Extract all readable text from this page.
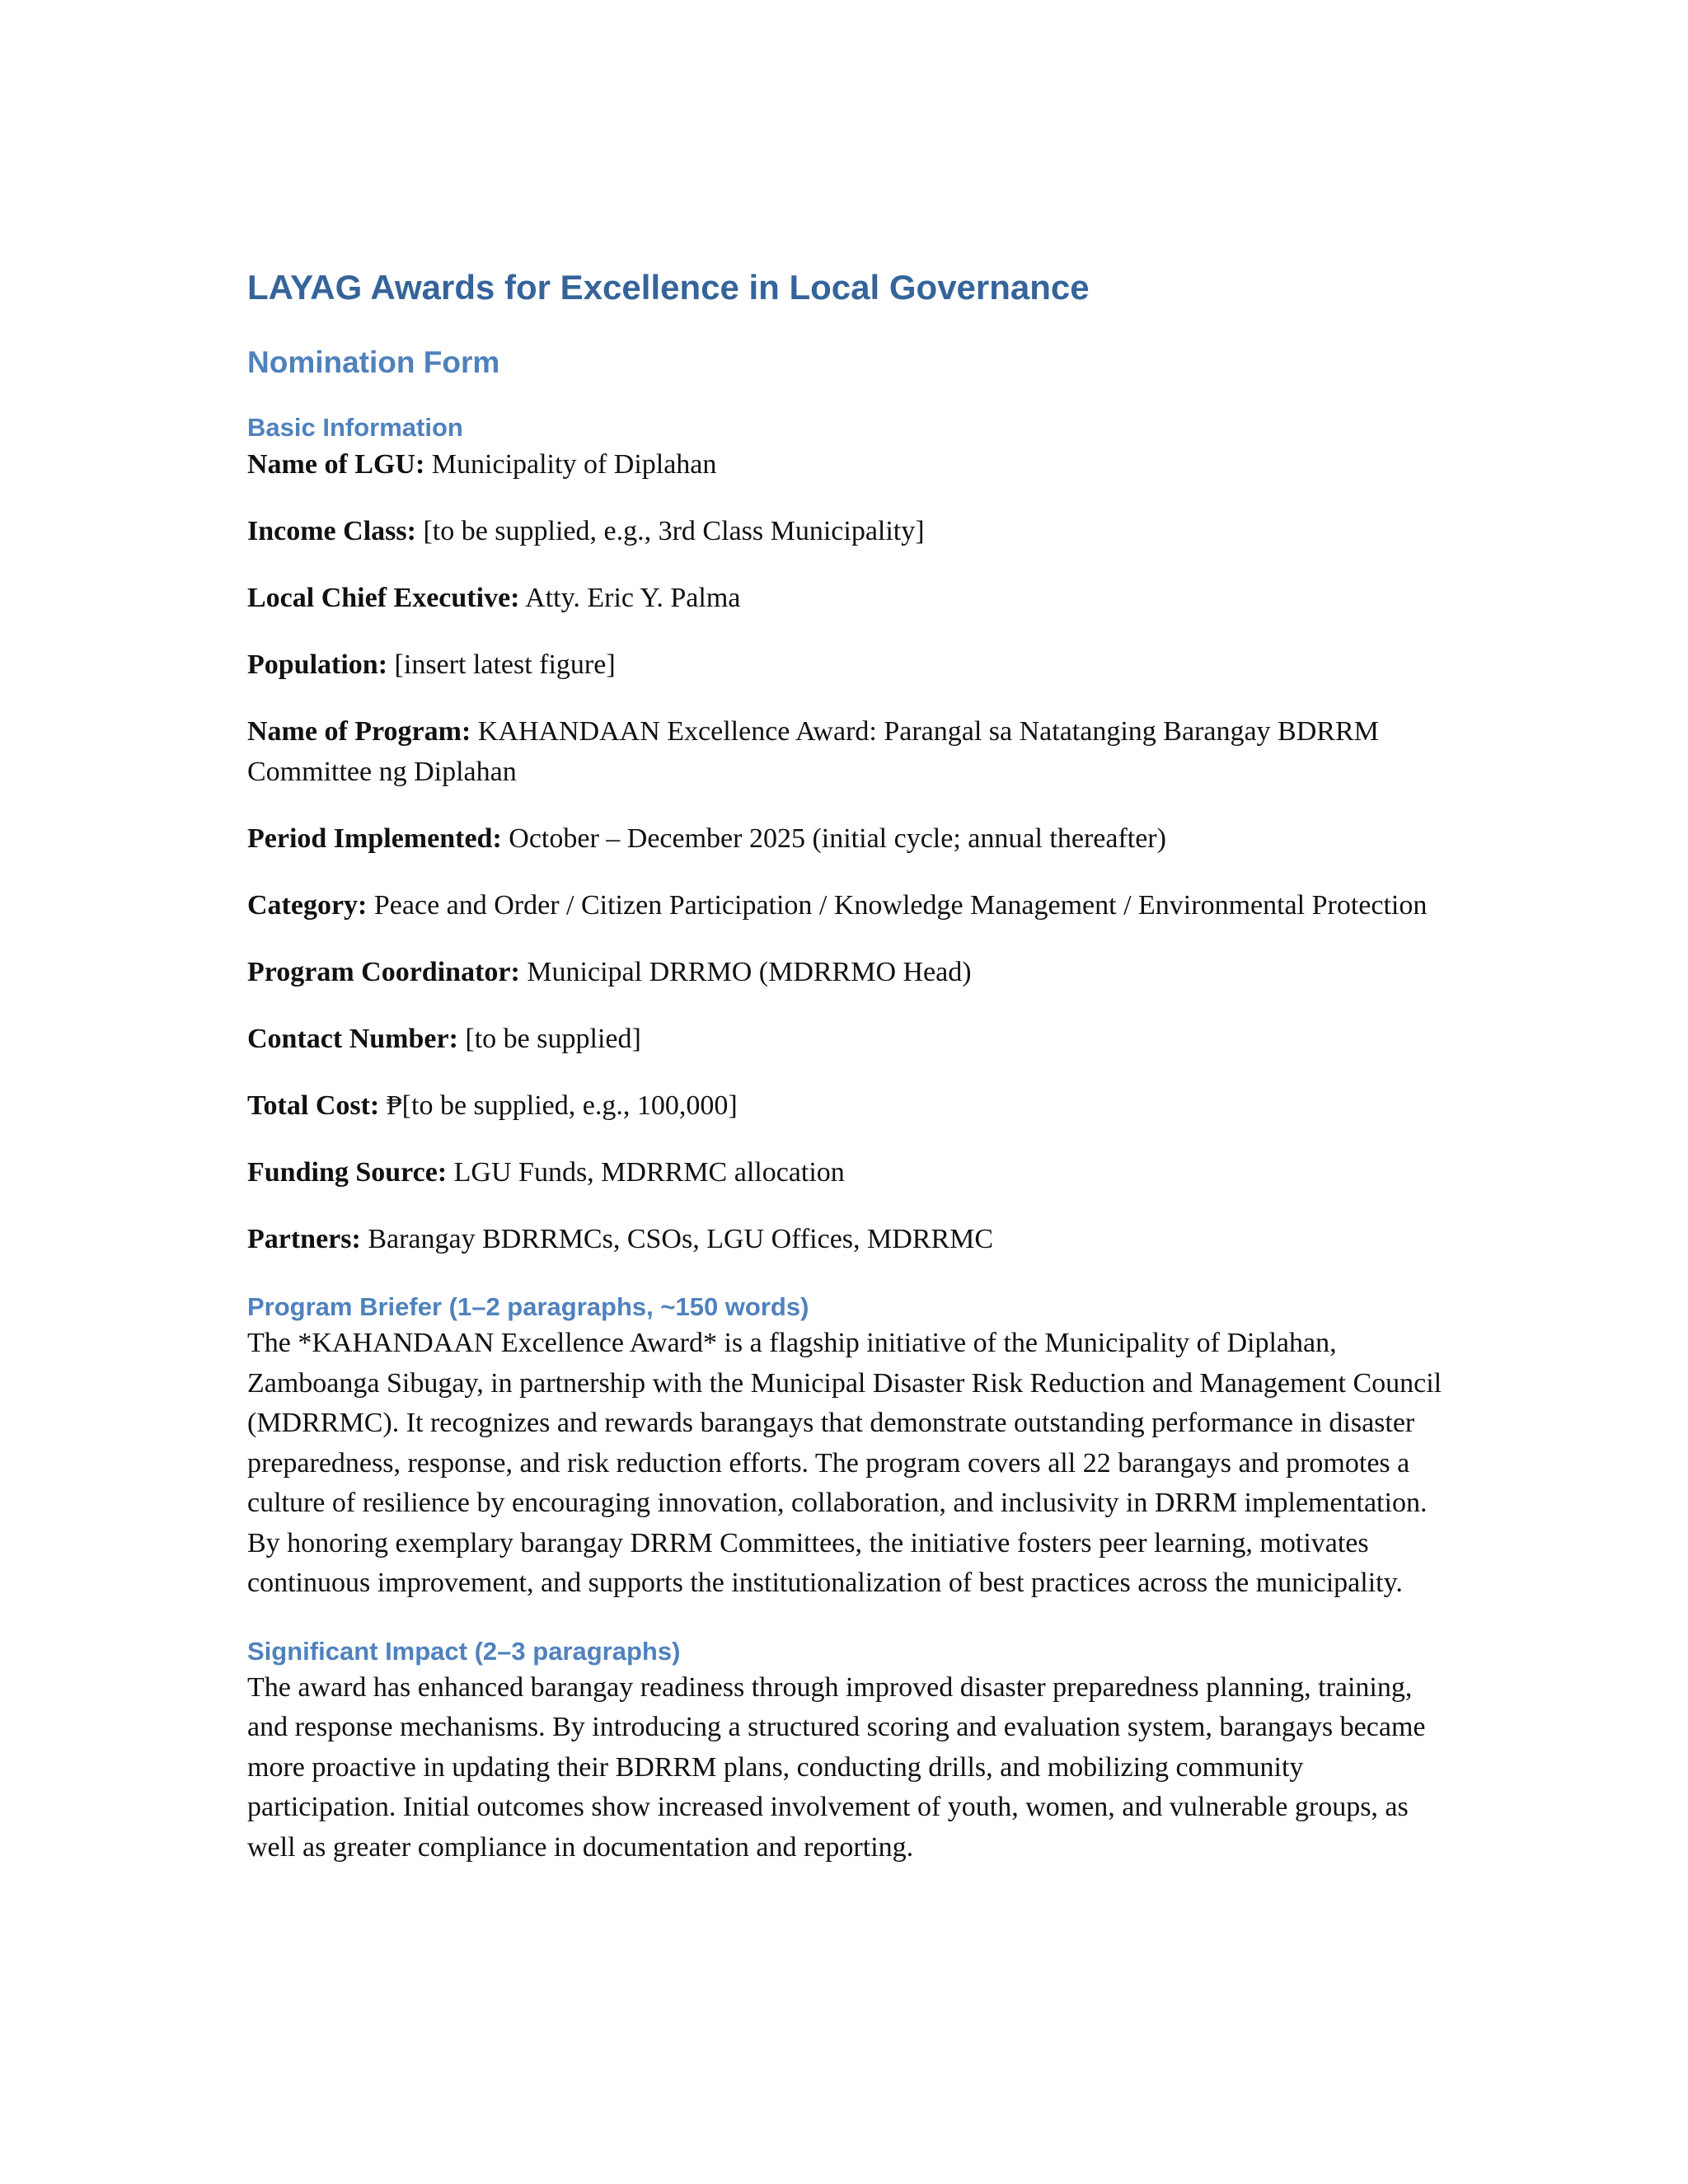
LAYAG Awards for Excellence in Local Governance
Nomination Form
Basic Information

Name of LGU: Municipality of Diplahan

Income Class: [to be supplied, e.g., 3rd Class Municipality]

Local Chief Executive: Atty. Eric Y. Palma

Population: [insert latest figure]

Name of Program: KAHANDAAN Excellence Award: Parangal sa Natatanging Barangay BDRRM Committee ng Diplahan

Period Implemented: October – December 2025 (initial cycle; annual thereafter)

Category: Peace and Order / Citizen Participation / Knowledge Management / Environmental Protection

Program Coordinator: Municipal DRRMO (MDRRMO Head)

Contact Number: [to be supplied]

Total Cost: ₱[to be supplied, e.g., 100,000]

Funding Source: LGU Funds, MDRRMC allocation

Partners: Barangay BDRRMCs, CSOs, LGU Offices, MDRRMC

Program Briefer (1–2 paragraphs, ~150 words)

The *KAHANDAAN Excellence Award* is a flagship initiative of the Municipality of Diplahan, Zamboanga Sibugay, in partnership with the Municipal Disaster Risk Reduction and Management Council (MDRRMC). It recognizes and rewards barangays that demonstrate outstanding performance in disaster preparedness, response, and risk reduction efforts. The program covers all 22 barangays and promotes a culture of resilience by encouraging innovation, collaboration, and inclusivity in DRRM implementation. By honoring exemplary barangay DRRM Committees, the initiative fosters peer learning, motivates continuous improvement, and supports the institutionalization of best practices across the municipality.

Significant Impact (2–3 paragraphs)

The award has enhanced barangay readiness through improved disaster preparedness planning, training, and response mechanisms. By introducing a structured scoring and evaluation system, barangays became more proactive in updating their BDRRM plans, conducting drills, and mobilizing community participation. Initial outcomes show increased involvement of youth, women, and vulnerable groups, as well as greater compliance in documentation and reporting.
